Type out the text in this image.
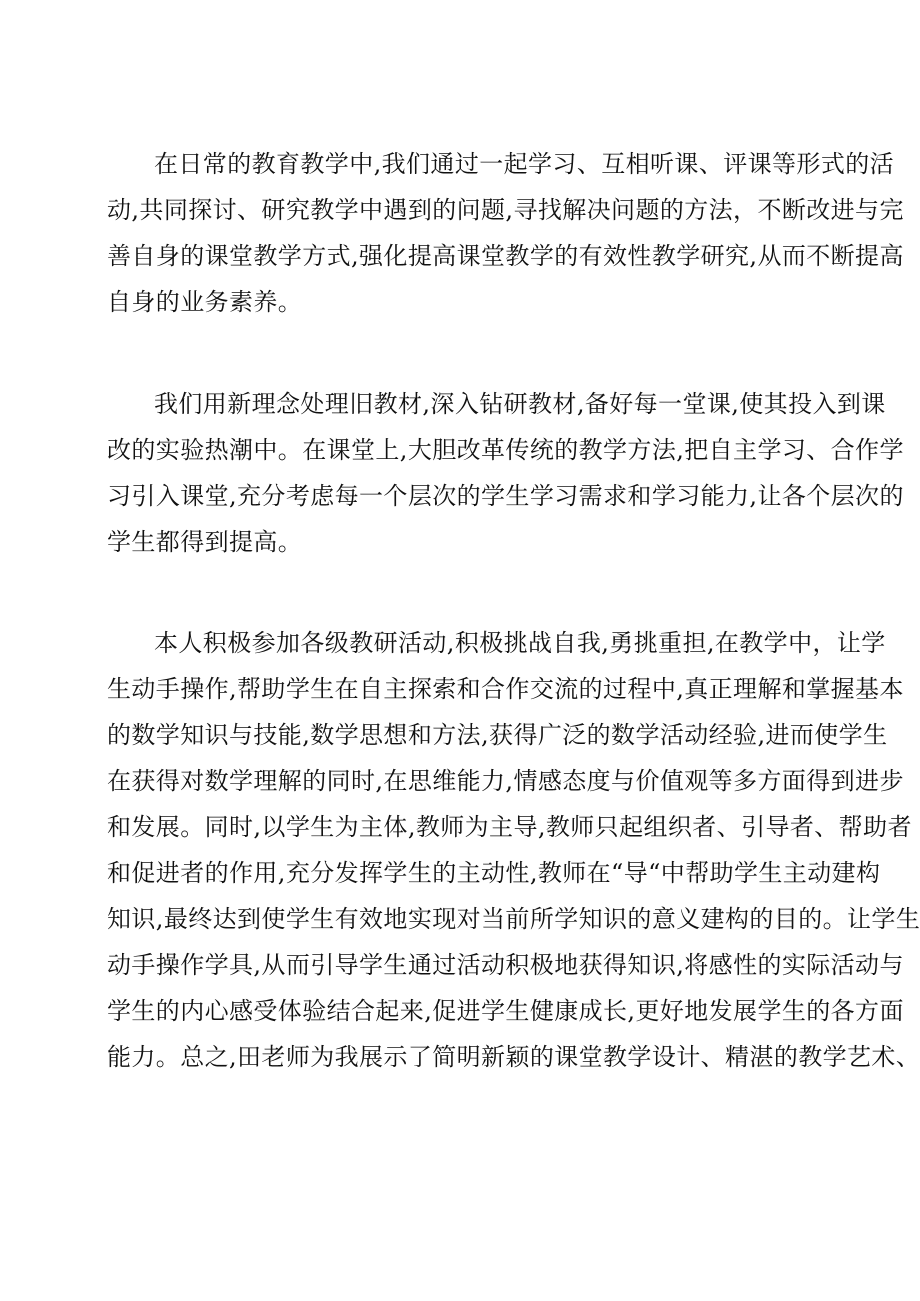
在日常的教育教学中,我们通过一起学习、互相听课、评课等形式的活
动,共同探讨、研究教学中遇到的问题,寻找解决问题的方法，不断改进与完
善自身的课堂教学方式,强化提高课堂教学的有效性教学研究,从而不断提高
自身的业务素养。
我们用新理念处理旧教材,深入钻研教材,备好每一堂课,使其投入到课
改的实验热潮中。在课堂上,大胆改革传统的教学方法,把自主学习、合作学
习引入课堂,充分考虑每一个层次的学生学习需求和学习能力,让各个层次的
学生都得到提高。
本人积极参加各级教研活动,积极挑战自我,勇挑重担,在教学中，让学
生动手操作,帮助学生在自主探索和合作交流的过程中,真正理解和掌握基本
的数学知识与技能,数学思想和方法,获得广泛的数学活动经验,进而使学生
在获得对数学理解的同时,在思维能力,情感态度与价值观等多方面得到进步
和发展。同时,以学生为主体,教师为主导,教师只起组织者、引导者、帮助者
和促进者的作用,充分发挥学生的主动性,教师在“导“中帮助学生主动建构
知识,最终达到使学生有效地实现对当前所学知识的意义建构的目的。让学生
动手操作学具,从而引导学生通过活动积极地获得知识,将感性的实际活动与
学生的内心感受体验结合起来,促进学生健康成长,更好地发展学生的各方面
能力。总之,田老师为我展示了简明新颖的课堂教学设计、精湛的教学艺术、
